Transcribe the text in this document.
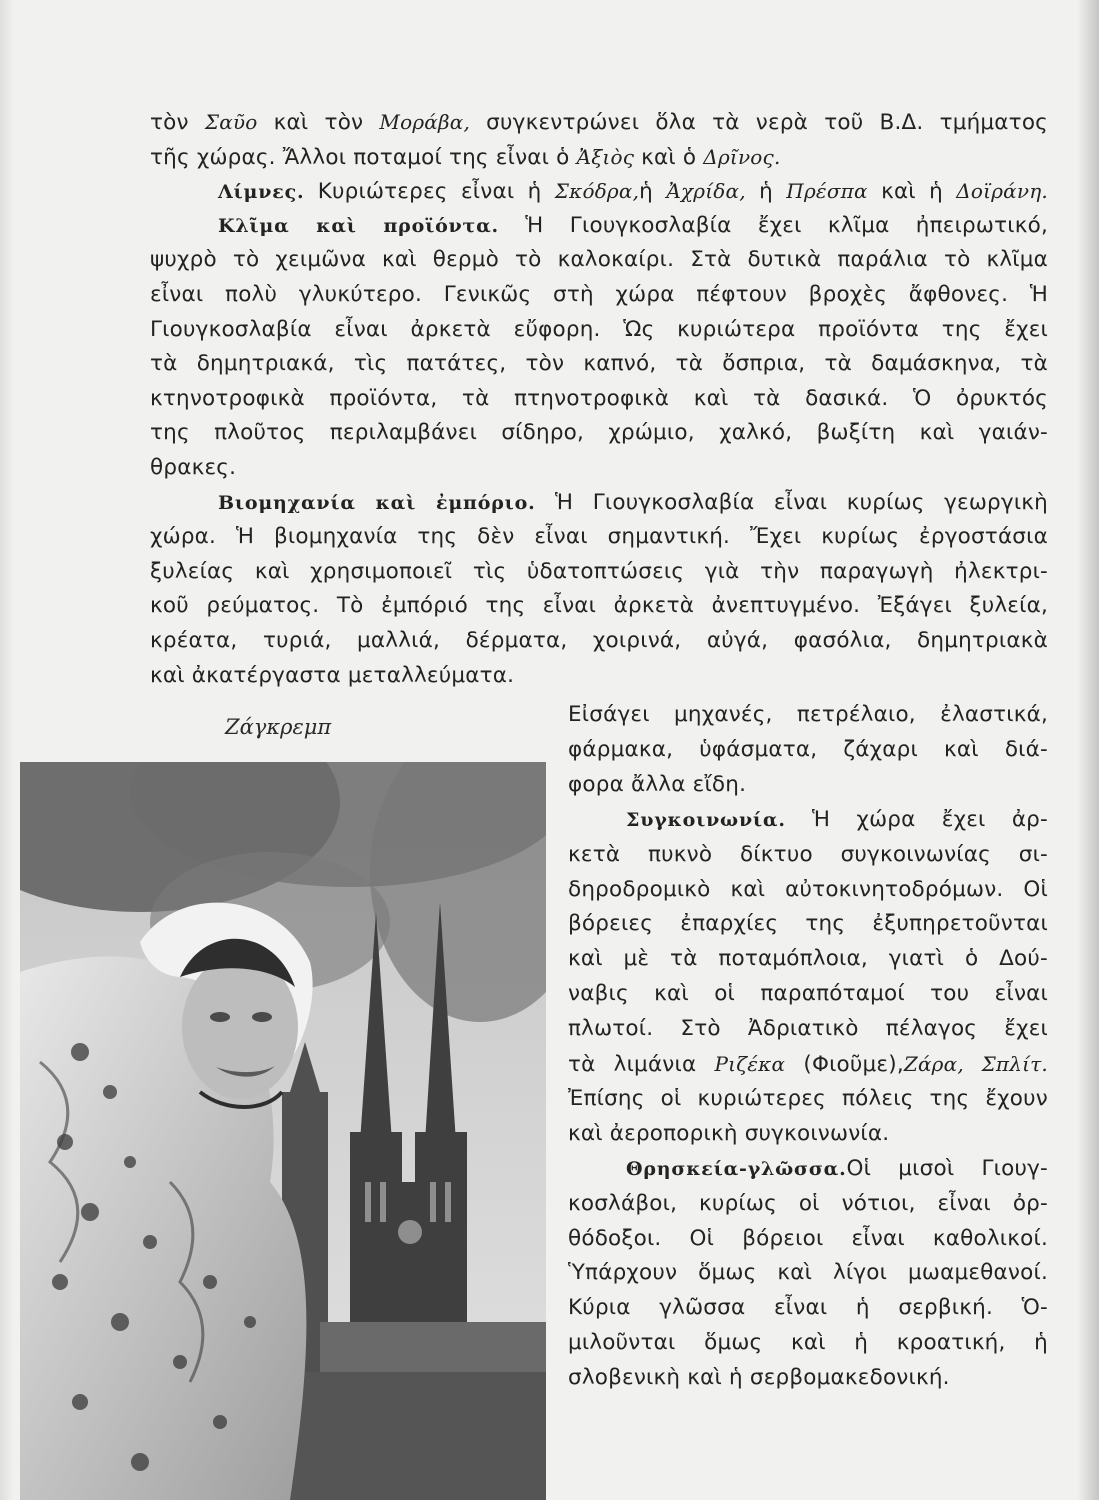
τὸν Σαῦο καὶ τὸν Μοράβα, συγκεντρώνει ὅλα τὰ νερὰ τοῦ Β.Δ. τμήματος
τῆς χώρας. Ἄλλοι ποταμοί της εἶναι ὁ Ἀξιὸς καὶ ὁ Δρῖνος.
Λίμνες. Κυριώτερες εἶναι ἡ Σκόδρα,ἡ Ἀχρίδα, ἡ Πρέσπα καὶ ἡ Δοϊράνη.
Κλῖμα καὶ προϊόντα. Ἡ Γιουγκοσλαβία ἔχει κλῖμα ἠπειρωτικό,
ψυχρὸ τὸ χειμῶνα καὶ θερμὸ τὸ καλοκαίρι. Στὰ δυτικὰ παράλια τὸ κλῖμα
εἶναι πολὺ γλυκύτερο. Γενικῶς στὴ χώρα πέφτουν βροχὲς ἄφθονες. Ἡ
Γιουγκοσλαβία εἶναι ἀρκετὰ εὔφορη. Ὡς κυριώτερα προϊόντα της ἔχει
τὰ δημητριακά, τὶς πατάτες, τὸν καπνό, τὰ ὄσπρια, τὰ δαμάσκηνα, τὰ
κτηνοτροφικὰ προϊόντα, τὰ πτηνοτροφικὰ καὶ τὰ δασικά. Ὁ ὀρυκτός
της πλοῦτος περιλαμβάνει σίδηρο, χρώμιο, χαλκό, βωξίτη καὶ γαιάν-
θρακες.
Βιομηχανία καὶ ἐμπόριο. Ἡ Γιουγκοσλαβία εἶναι κυρίως γεωργικὴ
χώρα. Ἡ βιομηχανία της δὲν εἶναι σημαντική. Ἔχει κυρίως ἐργοστάσια
ξυλείας καὶ χρησιμοποιεῖ τὶς ὑδατοπτώσεις γιὰ τὴν παραγωγὴ ἠλεκτρι-
κοῦ ρεύματος. Τὸ ἐμπόριό της εἶναι ἀρκετὰ ἀνεπτυγμένο. Ἐξάγει ξυλεία,
κρέατα, τυριά, μαλλιά, δέρματα, χοιρινά, αὐγά, φασόλια, δημητριακὰ
καὶ ἀκατέργαστα μεταλλεύματα.
Εἰσάγει μηχανές, πετρέλαιο, ἐλαστικά,
φάρμακα, ὑφάσματα, ζάχαρι καὶ διά-
φορα ἄλλα εἴδη.
Συγκοινωνία. Ἡ χώρα ἔχει ἀρ-
κετὰ πυκνὸ δίκτυο συγκοινωνίας σι-
δηροδρομικὸ καὶ αὐτοκινητοδρόμων. Οἱ
βόρειες ἐπαρχίες της ἐξυπηρετοῦνται
καὶ μὲ τὰ ποταμόπλοια, γιατὶ ὁ Δού-
ναβις καὶ οἱ παραπόταμοί του εἶναι
πλωτοί. Στὸ Ἀδριατικὸ πέλαγος ἔχει
τὰ λιμάνια Ριζέκα (Φιοῦμε),Ζάρα, Σπλίτ.
Ἐπίσης οἱ κυριώτερες πόλεις της ἔχουν
καὶ ἀεροπορικὴ συγκοινωνία.
Θρησκεία-γλῶσσα.Οἱ μισοὶ Γιουγ-
κοσλάβοι, κυρίως οἱ νότιοι, εἶναι ὀρ-
θόδοξοι. Οἱ βόρειοι εἶναι καθολικοί.
Ὑπάρχουν ὅμως καὶ λίγοι μωαμεθανοί.
Κύρια γλῶσσα εἶναι ἡ σερβική. Ὁ-
μιλοῦνται ὅμως καὶ ἡ κροατική, ἡ
σλοβενικὴ καὶ ἡ σερβομακεδονική.
Ζάγκρεμπ
